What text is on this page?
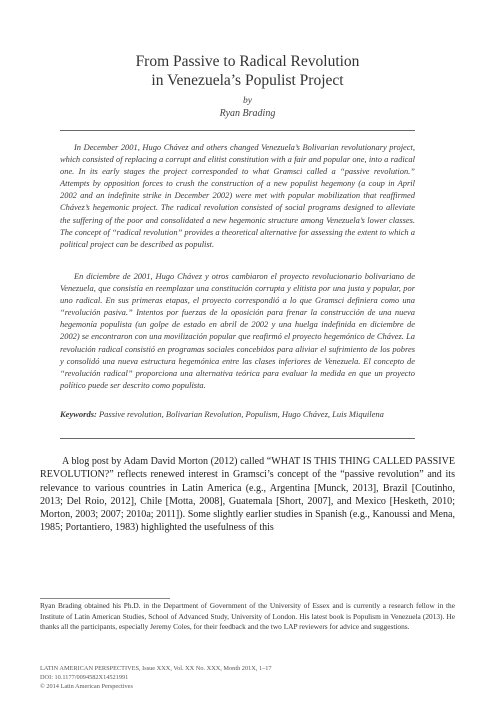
From Passive to Radical Revolution
in Venezuela’s Populist Project
by
Ryan Brading
In December 2001, Hugo Chávez and others changed Venezuela’s Bolivarian revolutionary project, which consisted of replacing a corrupt and elitist constitution with a fair and popular one, into a radical one. In its early stages the project corresponded to what Gramsci called a “passive revolution.” Attempts by opposition forces to crush the construction of a new populist hegemony (a coup in April 2002 and an indefinite strike in December 2002) were met with popular mobilization that reaffirmed Chávez’s hegemonic project. The radical revolution consisted of social programs designed to alleviate the suffering of the poor and consolidated a new hegemonic structure among Venezuela’s lower classes. The concept of “radical revolution” provides a theoretical alternative for assessing the extent to which a political project can be described as populist.
En diciembre de 2001, Hugo Chávez y otros cambiaron el proyecto revolucionario bolivariano de Venezuela, que consistía en reemplazar una constitución corrupta y elitista por una justa y popular, por uno radical. En sus primeras etapas, el proyecto correspondió a lo que Gramsci definiera como una “revolución pasiva.” Intentos por fuerzas de la oposición para frenar la construcción de una nueva hegemonía populista (un golpe de estado en abril de 2002 y una huelga indefinida en diciembre de 2002) se encontraron con una movilización popular que reafirmó el proyecto hegemónico de Chávez. La revolución radical consistió en programas sociales concebidos para aliviar el sufrimiento de los pobres y consolidó una nueva estructura hegemónica entre las clases inferiores de Venezuela. El concepto de “revolución radical” proporciona una alternativa teórica para evaluar la medida en que un proyecto político puede ser descrito como populista.
Keywords: Passive revolution, Bolivarian Revolution, Populism, Hugo Chávez, Luis Miquilena
A blog post by Adam David Morton (2012) called “WHAT IS THIS THING CALLED PASSIVE REVOLUTION?” reflects renewed interest in Gramsci’s concept of the “passive revolution” and its relevance to various countries in Latin America (e.g., Argentina [Munck, 2013], Brazil [Coutinho, 2013; Del Roio, 2012], Chile [Motta, 2008], Guatemala [Short, 2007], and Mexico [Hesketh, 2010; Morton, 2003; 2007; 2010a; 2011]). Some slightly earlier studies in Spanish (e.g., Kanoussi and Mena, 1985; Portantiero, 1983) highlighted the usefulness of this
Ryan Brading obtained his Ph.D. in the Department of Government of the University of Essex and is currently a research fellow in the Institute of Latin American Studies, School of Advanced Study, University of London. His latest book is Populism in Venezuela (2013). He thanks all the participants, especially Jeremy Coles, for their feedback and the two LAP reviewers for advice and suggestions.
LATIN AMERICAN PERSPECTIVES, Issue XXX, Vol. XX No. XXX, Month 201X, 1–17
DOI: 10.1177/0094582X14521991
© 2014 Latin American Perspectives
